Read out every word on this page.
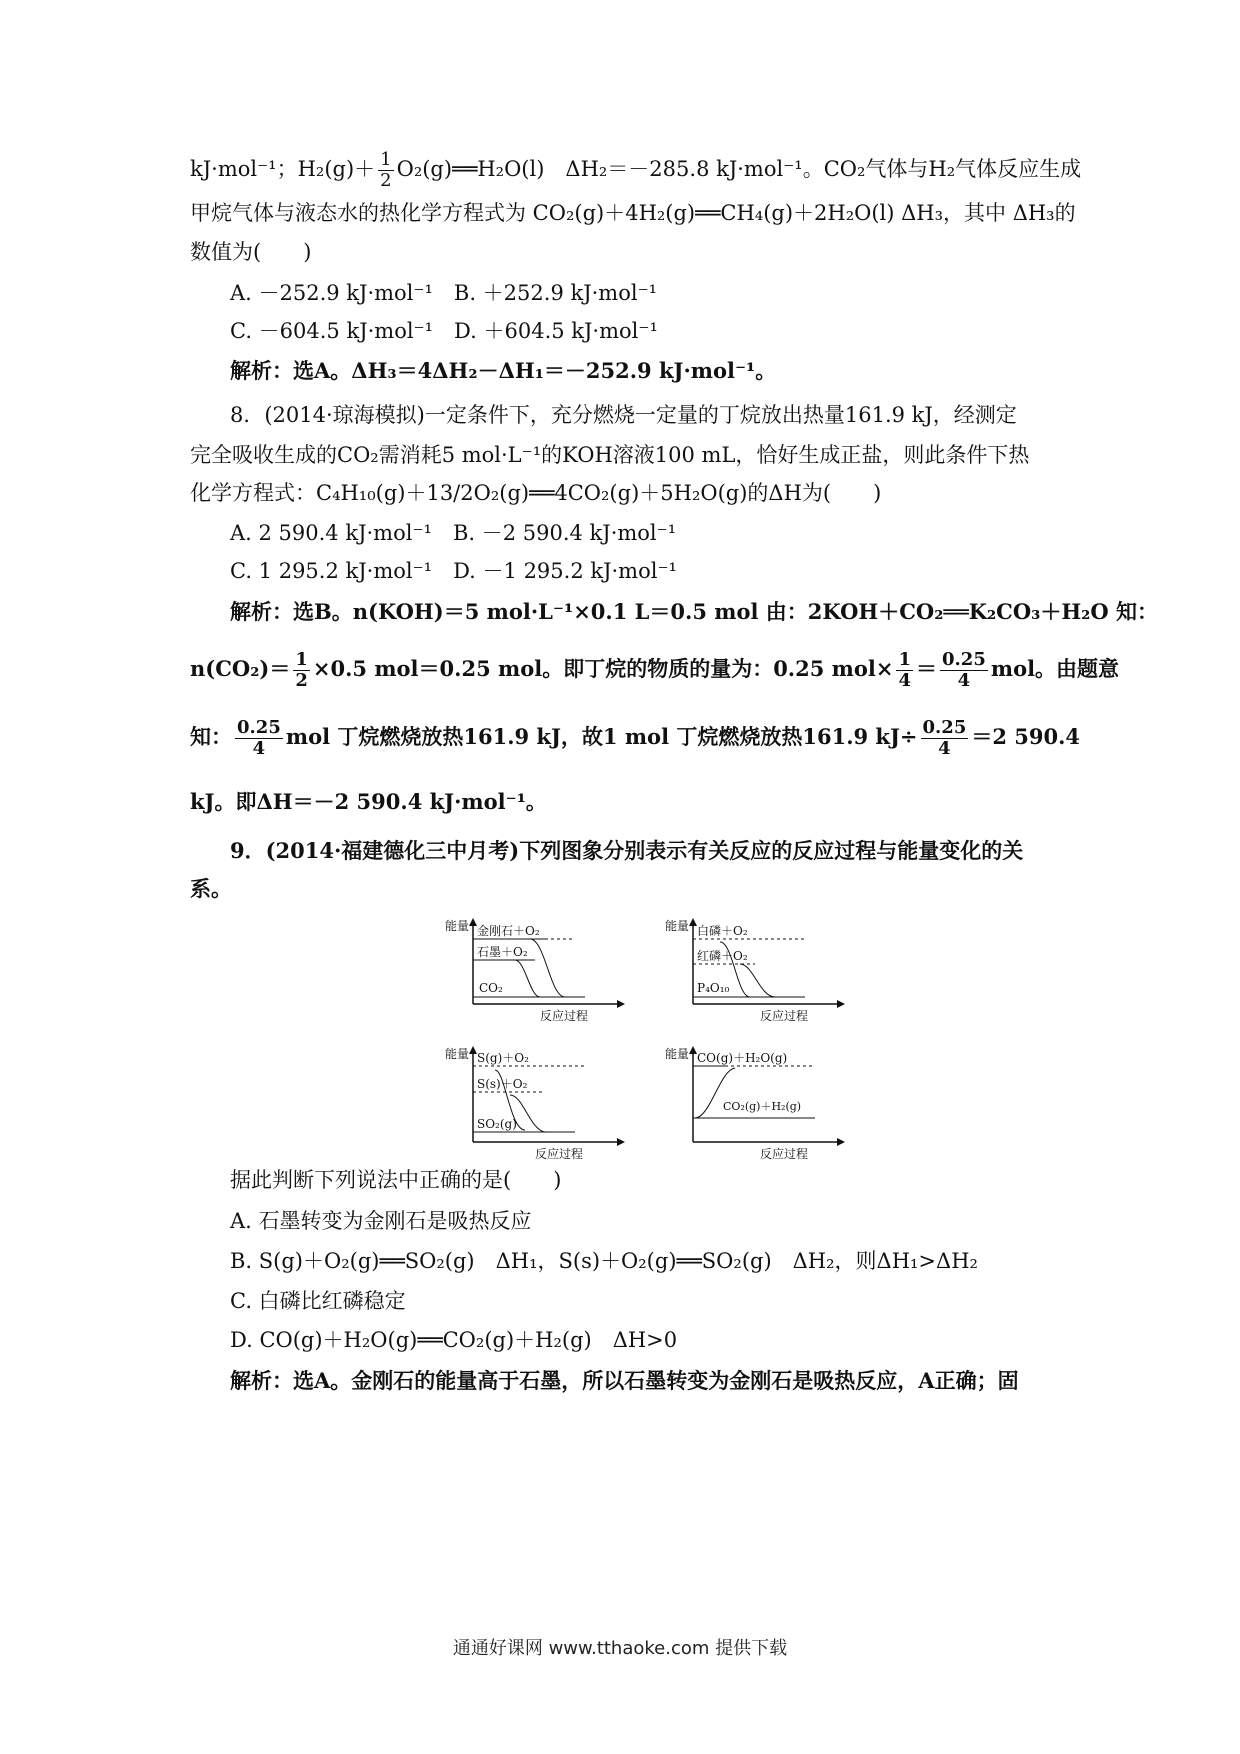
kJ·mol⁻¹；$H_2(g)+ \frac{1}{2}$ O₂(g)══H₂O(l)　ΔH₂＝－285.8 kJ·mol⁻¹。CO₂气体与H₂气体反应生成
甲烷气体与液态水的热化学方程式为 CO₂(g)＋4H₂(g)══CH₄(g)＋2H₂O(l) ΔH₃，其中 ΔH₃的
数值为(　　)
A. －252.9 kJ·mol⁻¹　B. ＋252.9 kJ·mol⁻¹
C. －604.5 kJ·mol⁻¹　D. ＋604.5 kJ·mol⁻¹
解析：选A。ΔH₃＝4ΔH₂－ΔH₁＝－252.9 kJ·mol⁻¹。
8．(2014·琼海模拟)一定条件下，充分燃烧一定量的丁烷放出热量161.9 kJ，经测定
完全吸收生成的CO₂需消耗5 mol·L⁻¹的KOH溶液100 mL，恰好生成正盐，则此条件下热
化学方程式：C₄H₁₀(g)＋13/2O₂(g)══4CO₂(g)＋5H₂O(g)的ΔH为(　　)
A. 2 590.4 kJ·mol⁻¹　B. －2 590.4 kJ·mol⁻¹
C. 1 295.2 kJ·mol⁻¹　D. －1 295.2 kJ·mol⁻¹
解析：选B。n(KOH)＝5 mol·L⁻¹×0.1 L＝0.5 mol 由：2KOH＋CO₂══K₂CO₃＋H₂O 知：
$n(CO_2)= \frac{1}{2} \times 0.5$ mol＝0.25 mol。即丁烷的物质的量为：0.25 $mol\times \frac{1}{4} = \frac{0.25}{4}$ mol。由题意
知： $\frac{0.25}{4}$ mol 丁烷燃烧放热161.9 kJ，故1 mol 丁烷燃烧放热161.9 $kJ\div \frac{0.25}{4} =2$ 590.4
kJ。即ΔH＝－2 590.4 kJ·mol⁻¹。
9．(2014·福建德化三中月考)下列图象分别表示有关反应的反应过程与能量变化的关
系。
能量 金刚石＋O₂
石墨＋O₂
CO₂
反应过程
能量 白磷＋O₂
红磷＋O₂
P₄O₁₀
反应过程
能量 S(g)＋O₂
S(s)＋O₂
SO₂(g)
反应过程
能量 CO(g)＋H₂O(g)
CO₂(g)＋H₂(g)
反应过程
据此判断下列说法中正确的是(　　)
A. 石墨转变为金刚石是吸热反应
B. S(g)＋O₂(g)══SO₂(g)　ΔH₁，S(s)＋O₂(g)══SO₂(g)　ΔH₂，则ΔH₁>ΔH₂
C. 白磷比红磷稳定
D. CO(g)＋H₂O(g)══CO₂(g)＋H₂(g)　ΔH>0
解析：选A。金刚石的能量高于石墨，所以石墨转变为金刚石是吸热反应，A正确；固
通通好课网 www.tthaoke.com 提供下载
